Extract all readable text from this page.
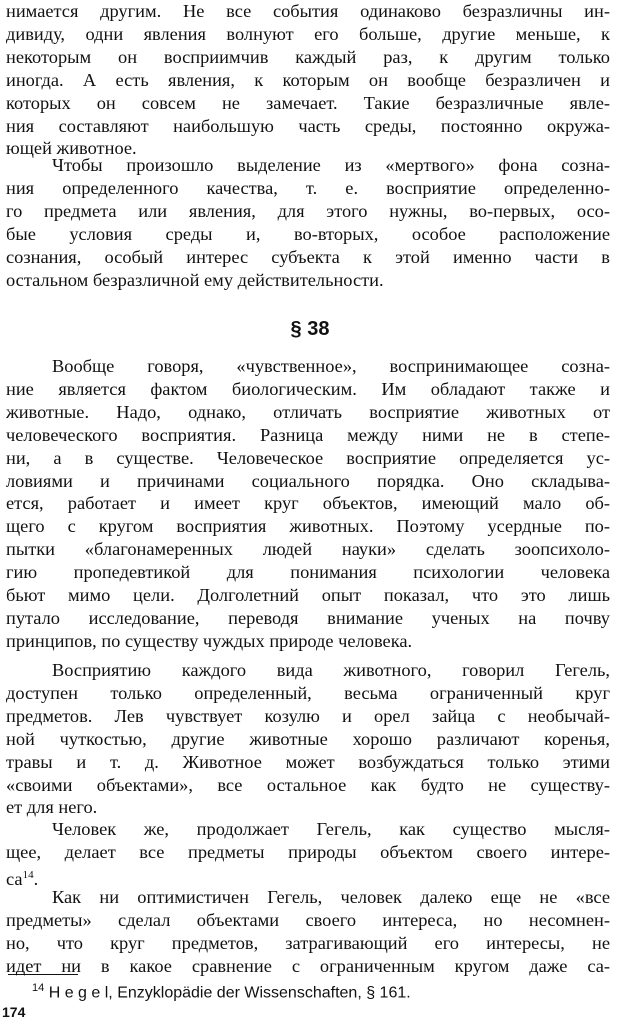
нимается другим. Не все события одинаково безразличны ин-
дивиду, одни явления волнуют его больше, другие меньше, к
некоторым он восприимчив каждый раз, к другим только
иногда. А есть явления, к которым он вообще безразличен и
которых он совсем не замечает. Такие безразличные явле-
ния составляют наибольшую часть среды, постоянно окружа-
ющей животное.
Чтобы произошло выделение из «мертвого» фона созна-
ния определенного качества, т. е. восприятие определенно-
го предмета или явления, для этого нужны, во-первых, осо-
бые условия среды и, во-вторых, особое расположение
сознания, особый интерес субъекта к этой именно части в
остальном безразличной ему действительности.
§ 38
Вообще говоря, «чувственное», воспринимающее созна-
ние является фактом биологическим. Им обладают также и
животные. Надо, однако, отличать восприятие животных от
человеческого восприятия. Разница между ними не в степе-
ни, а в существе. Человеческое восприятие определяется ус-
ловиями и причинами социального порядка. Оно складыва-
ется, работает и имеет круг объектов, имеющий мало об-
щего с кругом восприятия животных. Поэтому усердные по-
пытки «благонамеренных людей науки» сделать зоопсихоло-
гию пропедевтикой для понимания психологии человека
бьют мимо цели. Долголетний опыт показал, что это лишь
путало исследование, переводя внимание ученых на почву
принципов, по существу чуждых природе человека.
Восприятию каждого вида животного, говорил Гегель,
доступен только определенный, весьма ограниченный круг
предметов. Лев чувствует козулю и орел зайца с необычай-
ной чуткостью, другие животные хорошо различают коренья,
травы и т. д. Животное может возбуждаться только этими
«своими объектами», все остальное как будто не существу-
ет для него.
Человек же, продолжает Гегель, как существо мысля-
щее, делает все предметы природы объектом своего интере-
са$^{14}$.
Как ни оптимистичен Гегель, человек далеко еще не «все
предметы» сделал объектами своего интереса, но несомнен-
но, что круг предметов, затрагивающий его интересы, не
идет ни в какое сравнение с ограниченным кругом даже са-
$^{14}$ H e g e l, Enzyklopädie der Wissenschaften, § 161.
174
